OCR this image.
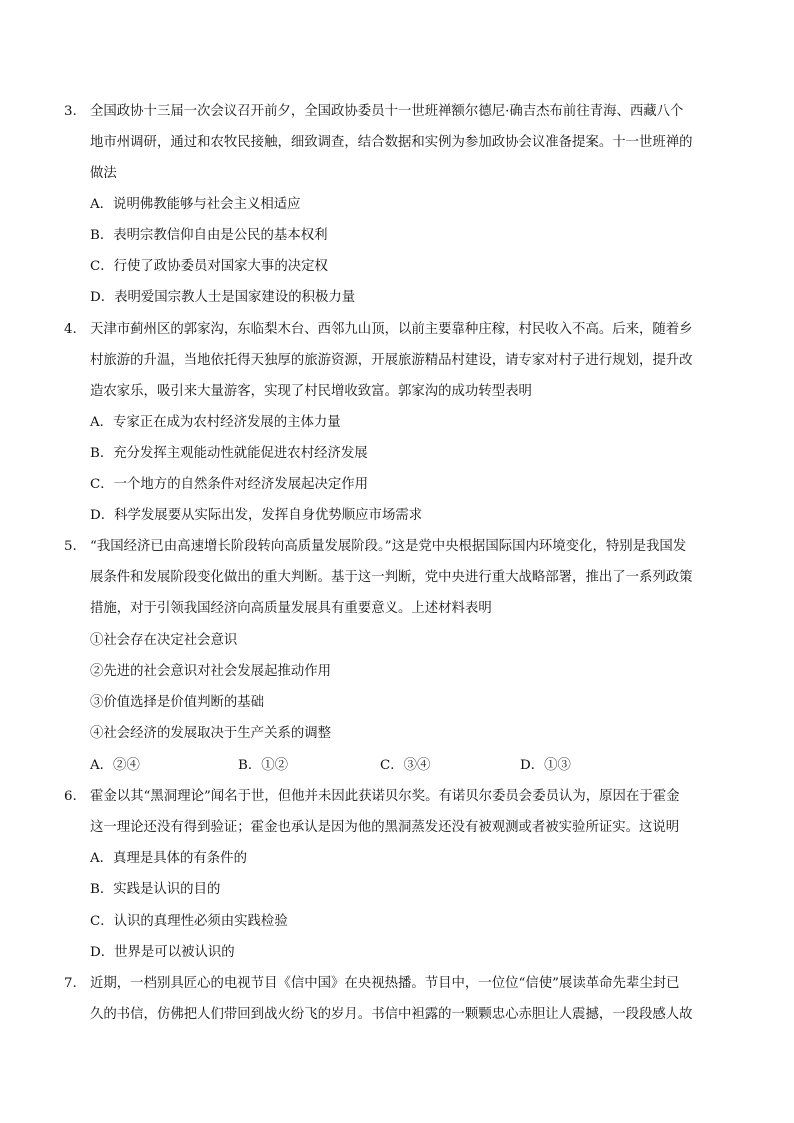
3. 全国政协十三届一次会议召开前夕，全国政协委员十一世班禅额尔德尼·确吉杰布前往青海、西藏八个
地市州调研，通过和农牧民接触，细致调查，结合数据和实例为参加政协会议准备提案。十一世班禅的
做法
A．说明佛教能够与社会主义相适应
B．表明宗教信仰自由是公民的基本权利
C．行使了政协委员对国家大事的决定权
D．表明爱国宗教人士是国家建设的积极力量
4. 天津市蓟州区的郭家沟，东临梨木台、西邻九山顶，以前主要靠种庄稼，村民收入不高。后来，随着乡
村旅游的升温，当地依托得天独厚的旅游资源，开展旅游精品村建设，请专家对村子进行规划，提升改
造农家乐，吸引来大量游客，实现了村民增收致富。郭家沟的成功转型表明
A．专家正在成为农村经济发展的主体力量
B．充分发挥主观能动性就能促进农村经济发展
C．一个地方的自然条件对经济发展起决定作用
D．科学发展要从实际出发，发挥自身优势顺应市场需求
5. “我国经济已由高速增长阶段转向高质量发展阶段。”这是党中央根据国际国内环境变化，特别是我国发
展条件和发展阶段变化做出的重大判断。基于这一判断，党中央进行重大战略部署，推出了一系列政策
措施，对于引领我国经济向高质量发展具有重要意义。上述材料表明
①社会存在决定社会意识
②先进的社会意识对社会发展起推动作用
③价值选择是价值判断的基础
④社会经济的发展取决于生产关系的调整
A．②④	B．①②	C．③④	D．①③
6. 霍金以其“黑洞理论”闻名于世，但他并未因此获诺贝尔奖。有诺贝尔委员会委员认为，原因在于霍金
这一理论还没有得到验证；霍金也承认是因为他的黑洞蒸发还没有被观测或者被实验所证实。这说明
A．真理是具体的有条件的
B．实践是认识的目的
C．认识的真理性必须由实践检验
D．世界是可以被认识的
7. 近期，一档别具匠心的电视节目《信中国》在央视热播。节目中，一位位“信使”展读革命先辈尘封已
久的书信，仿佛把人们带回到战火纷飞的岁月。书信中袒露的一颗颗忠心赤胆让人震撼，一段段感人故
